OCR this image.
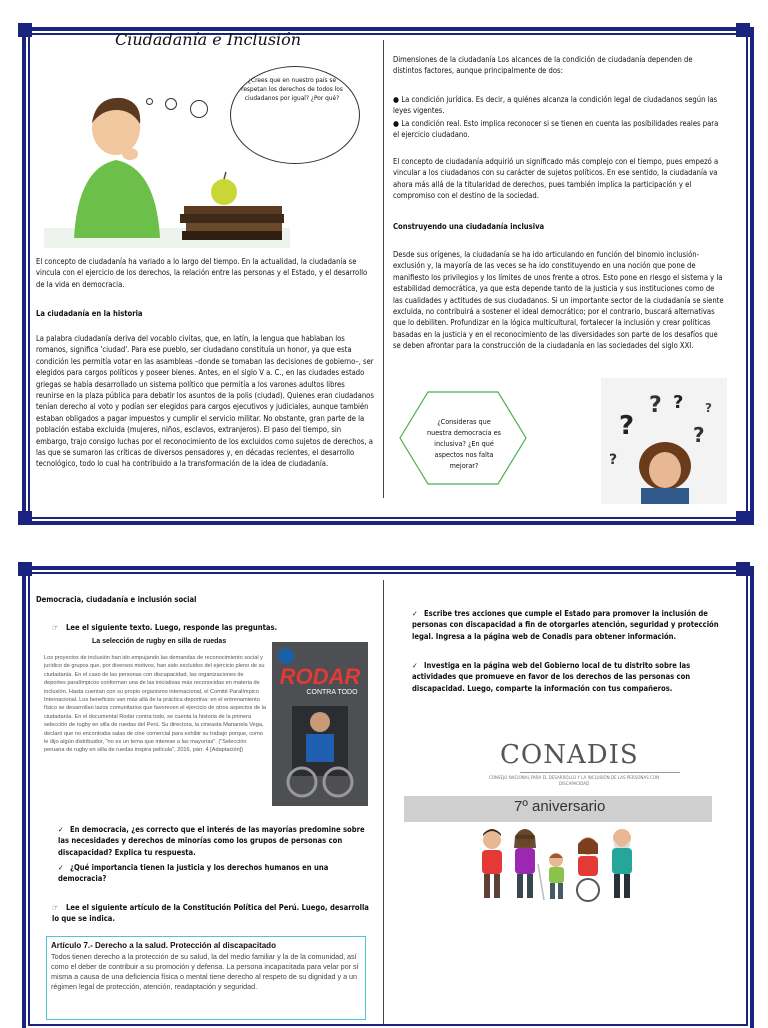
Ciudadanía e Inclusión
¿Crees que en nuestro país se respetan los derechos de todos los ciudadanos por igual? ¿Por qué?

El concepto de ciudadanía ha variado a lo largo del tiempo. En la actualidad, la ciudadanía se vincula con el ejercicio de los derechos, la relación entre las personas y el Estado, y el desarrollo de la vida en democracia.

La ciudadanía en la historia

La palabra ciudadanía deriva del vocablo civitas, que, en latín, la lengua que hablaban los romanos, significa 'ciudad'. Para ese pueblo, ser ciudadano constituía un honor, ya que esta condición les permitía votar en las asambleas –donde se tomaban las decisiones de gobierno–, ser elegidos para cargos políticos y poseer bienes. Antes, en el siglo V a. C., en las ciudades estado griegas se había desarrollado un sistema político que permitía a los varones adultos libres reunirse en la plaza pública para debatir los asuntos de la polis (ciudad). Quienes eran ciudadanos tenían derecho al voto y podían ser elegidos para cargos ejecutivos y judiciales, aunque también estaban obligados a pagar impuestos y cumplir el servicio militar. No obstante, gran parte de la población estaba excluida (mujeres, niños, esclavos, extranjeros). El paso del tiempo, sin embargo, trajo consigo luchas por el reconocimiento de los excluidos como sujetos de derechos, a las que se sumaron las críticas de diversos pensadores y, en décadas recientes, el desarrollo tecnológico, todo lo cual ha contribuido a la transformación de la idea de ciudadanía.

Dimensiones de la ciudadanía Los alcances de la condición de ciudadanía dependen de distintos factores, aunque principalmente de dos:

● La condición jurídica. Es decir, a quiénes alcanza la condición legal de ciudadanos según las leyes vigentes.

● La condición real. Esto implica reconocer si se tienen en cuenta las posibilidades reales para el ejercicio ciudadano.

El concepto de ciudadanía adquirió un significado más complejo con el tiempo, pues empezó a vincular a los ciudadanos con su carácter de sujetos políticos. En ese sentido, la ciudadanía va ahora más allá de la titularidad de derechos, pues también implica la participación y el compromiso con el destino de la sociedad.

Construyendo una ciudadanía inclusiva

Desde sus orígenes, la ciudadanía se ha ido articulando en función del binomio inclusión-exclusión y, la mayoría de las veces se ha ido constituyendo en una noción que pone de manifiesto los privilegios y los límites de unos frente a otros. Esto pone en riesgo el sistema y la estabilidad democrática, ya que esta depende tanto de la justicia y sus instituciones como de las cualidades y actitudes de sus ciudadanos. Si un importante sector de la ciudadanía se siente excluida, no contribuirá a sostener el ideal democrático; por el contrario, buscará alternativas que lo debiliten. Profundizar en la lógica multicultural, fortalecer la inclusión y crear políticas basadas en la justicia y en el reconocimiento de las diversidades son parte de los desafíos que se deben afrontar para la construcción de la ciudadanía en las sociedades del siglo XXI.

¿Consideras que nuestra democracia es inclusiva? ¿En qué aspectos nos falta mejorar?
?
? ?
?
?
?

Democracia, ciudadanía e inclusión social

☞ Lee el siguiente texto. Luego, responde las preguntas.

La selección de rugby en silla de ruedas
Los proyectos de inclusión han ido empujando las demandas de reconocimiento social y jurídico de grupos que, por diversos motivos, han sido excluidos del ejercicio pleno de su ciudadanía. En el caso de las personas con discapacidad, las organizaciones de deportes paralímpicos conforman una de las iniciativas más reconocidas en materia de inclusión. Hasta cuentan con su propio organismo internacional, el Comité Paralímpico Internacional. Los beneficios van más allá de la práctica deportiva: en el entrenamiento físico se desarrollan lazos comunitarios que favorecen el ejercicio de otros aspectos de la ciudadanía. En el documental Rodar contra todo, se cuenta la historia de la primera selección de rugby en silla de ruedas del Perú. Su directora, la cineasta Marianela Vega, declaró que no encontraba salas de cine comercial para exhibir su trabajo porque, como le dijo algún distribuidor, "no es un tema que interese a las mayorías". ("Selección peruana de rugby en silla de ruedas inspira película", 2016, párr. 4 [Adaptación])
RODAR
CONTRA TODO

✓ En democracia, ¿es correcto que el interés de las mayorías predomine sobre las necesidades y derechos de minorías como los grupos de personas con discapacidad? Explica tu respuesta.

✓ ¿Qué importancia tienen la justicia y los derechos humanos en una democracia?

☞ Lee el siguiente artículo de la Constitución Política del Perú. Luego, desarrolla lo que se indica.

Artículo 7.- Derecho a la salud. Protección al discapacitado
Todos tienen derecho a la protección de su salud, la del medio familiar y la de la comunidad, así como el deber de contribuir a su promoción y defensa. La persona incapacitada para velar por sí misma a causa de una deficiencia física o mental tiene derecho al respeto de su dignidad y a un régimen legal de protección, atención, readaptación y seguridad.

✓ Escribe tres acciones que cumple el Estado para promover la inclusión de personas con discapacidad a fin de otorgarles atención, seguridad y protección legal. Ingresa a la página web de Conadis para obtener información.

✓ Investiga en la página web del Gobierno local de tu distrito sobre las actividades que promueve en favor de los derechos de las personas con discapacidad. Luego, comparte la información con tus compañeros.

CONADIS
CONSEJO NACIONAL PARA EL DESARROLLO Y LA INCLUSIÓN DE LAS PERSONAS CON DISCAPACIDAD
7º aniversario
